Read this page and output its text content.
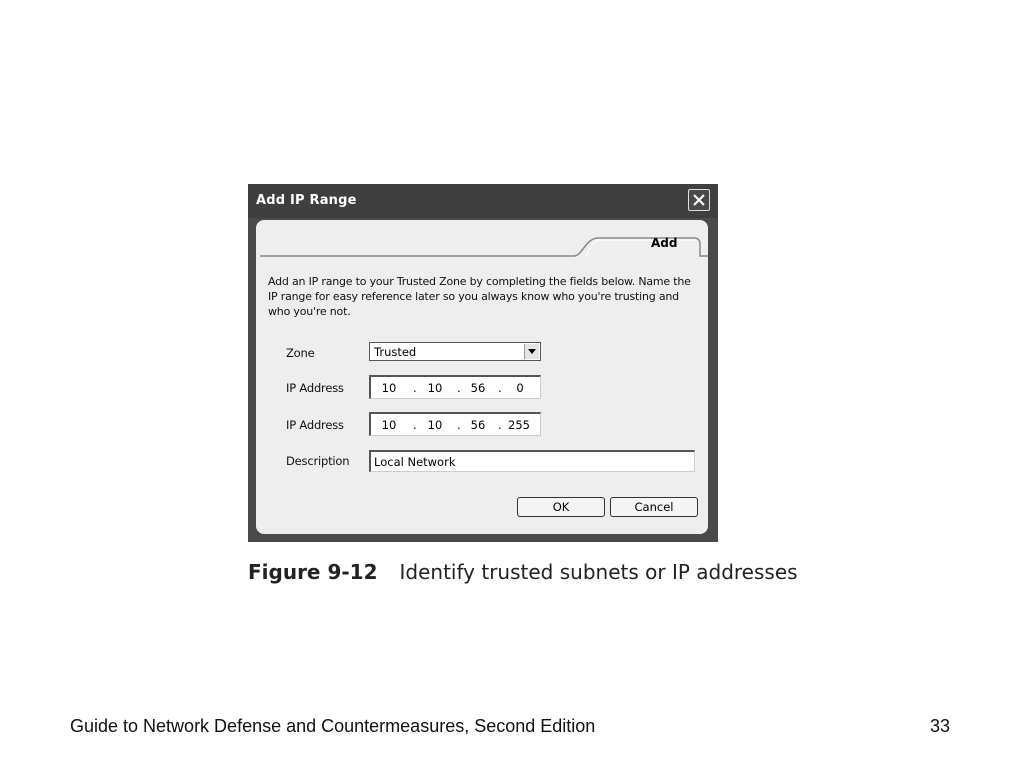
Add IP Range
Add
Add an IP range to your Trusted Zone by completing the fields below. Name the IP range for easy reference later so you always know who you're trusting and who you're not.
Zone	Trusted
IP Address	10	. 10	. 56	.	0
IP Address	10	. 10	. 56	. 255
Description	Local Network
OK	Cancel
Figure 9-12 Identify trusted subnets or IP addresses
Guide to Network Defense and Countermeasures, Second Edition	33
